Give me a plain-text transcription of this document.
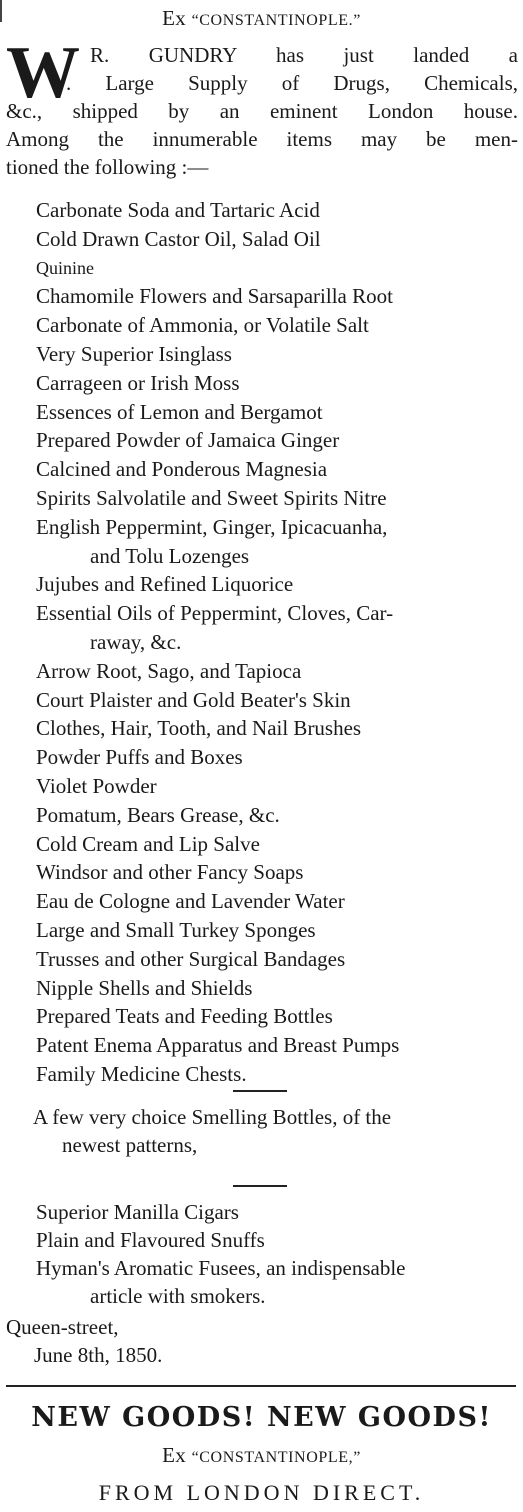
Ex “CONSTANTINOPLE.”
W R. GUNDRY has just landed a
. Large Supply of Drugs, Chemicals,
&c., shipped by an eminent London house.
Among the innumerable items may be men-
tioned the following :—
Carbonate Soda and Tartaric Acid
Cold Drawn Castor Oil, Salad Oil
Quinine
Chamomile Flowers and Sarsaparilla Root
Carbonate of Ammonia, or Volatile Salt
Very Superior Isinglass
Carrageen or Irish Moss
Essences of Lemon and Bergamot
Prepared Powder of Jamaica Ginger
Calcined and Ponderous Magnesia
Spirits Salvolatile and Sweet Spirits Nitre
English Peppermint, Ginger, Ipicacuanha,
and Tolu Lozenges
Jujubes and Refined Liquorice
Essential Oils of Peppermint, Cloves, Car-
raway, &c.
Arrow Root, Sago, and Tapioca
Court Plaister and Gold Beater's Skin
Clothes, Hair, Tooth, and Nail Brushes
Powder Puffs and Boxes
Violet Powder
Pomatum, Bears Grease, &c.
Cold Cream and Lip Salve
Windsor and other Fancy Soaps
Eau de Cologne and Lavender Water
Large and Small Turkey Sponges
Trusses and other Surgical Bandages
Nipple Shells and Shields
Prepared Teats and Feeding Bottles
Patent Enema Apparatus and Breast Pumps
Family Medicine Chests.
A few very choice Smelling Bottles, of the
newest patterns,
Superior Manilla Cigars
Plain and Flavoured Snuffs
Hyman's Aromatic Fusees, an indispensable
article with smokers.
Queen-street,
June 8th, 1850.
NEW GOODS! NEW GOODS!
Ex “CONSTANTINOPLE,”
FROM LONDON DIRECT.
